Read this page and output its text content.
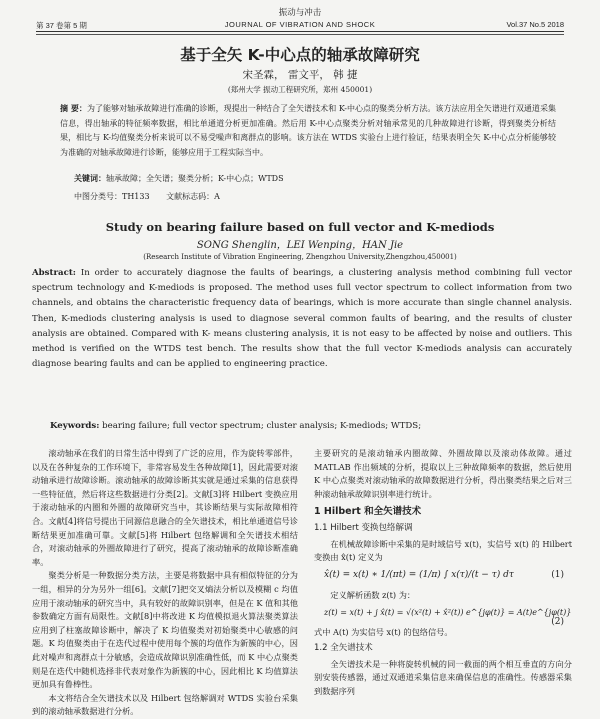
振动与冲击
第 37 卷第 5 期	JOURNAL OF VIBRATION AND SHOCK	Vol.37 No.5 2018
基于全矢 K-中心点的轴承故障研究
宋圣霖， 雷文平， 韩 捷
(郑州大学 振动工程研究所，郑州 450001)
摘 要：为了能够对轴承故障进行准确的诊断，现提出一种结合了全矢谱技术和 K-中心点的聚类分析方法。该方法应用全矢谱进行双通道采集信息，得出轴承的特征频率数据，相比单通道分析更加准确。然后用 K-中心点聚类分析对轴承常见的几种故障进行诊断，得到聚类分析结果，相比与 K-均值聚类分析来说可以不易受噪声和离群点的影响。该方法在 WTDS 实验台上进行验证，结果表明全矢 K-中心点分析能够较为准确的对轴承故障进行诊断，能够应用于工程实际当中。
关键词：轴承故障；全矢谱；聚类分析；K-中心点；WTDS
中图分类号：TH133 文献标志码：A
Study on bearing failure based on full vector and K-mediods
SONG Shenglin，LEI Wenping，HAN Jie
(Research Institute of Vibration Engineering, Zhengzhou University,Zhengzhou,450001)
Abstract: In order to accurately diagnose the faults of bearings, a clustering analysis method combining full vector spectrum technology and K-mediods is proposed. The method uses full vector spectrum to collect information from two channels, and obtains the characteristic frequency data of bearings, which is more accurate than single channel analysis. Then, K-mediods clustering analysis is used to diagnose several common faults of bearing, and the results of cluster analysis are obtained. Compared with K- means clustering analysis, it is not easy to be affected by noise and outliers. This method is verified on the WTDS test bench. The results show that the full vector K-mediods analysis can accurately diagnose bearing faults and can be applied to engineering practice.
Keywords: bearing failure; full vector spectrum; cluster analysis; K-mediods; WTDS;

滚动轴承在我们的日常生活中得到了广泛的应用，作为旋转零部件，以及在各种复杂的工作环境下，非常容易发生各种故障[1]，因此需要对滚动轴承进行故障诊断。滚动轴承的故障诊断其实就是通过采集的信息获得一些特征值，然后将这些数据进行分类[2]。文献[3]将 Hilbert 变换应用于滚动轴承的内圈和外圈的故障研究当中，其诊断结果与实际故障相符合。文献[4]将信号提出于同源信息融合的全矢谱技术，相比单通道信号诊断结果更加准确可靠。文献[5]将 Hilbert 包络解调和全矢谱技术相结合，对滚动轴承的外圈故障进行了研究，提高了滚动轴承的故障诊断准确率。

聚类分析是一种数据分类方法，主要是将数据中具有相似特征的分为一组，相异的分为另外一组[6]。文献[7]把交叉熵法分析以及模糊 c 均值应用于滚动轴承的研究当中，具有较好的故障识别率，但是在 K 值和其他参数确定方面有局限性。文献[8]中将改进 K 均值模拟退火算法聚类算法应用到了柱塞故障诊断中，解决了 K 均值聚类对初始聚类中心敏感的问题。K 均值聚类由于在迭代过程中使用每个簇的均值作为新簇的中心，因此对噪声和离群点十分敏感，会造成故障识别准确性低，而 K 中心点聚类则是在迭代中随机选择非代表对象作为新簇的中心，因此相比 K 均值算法更加具有鲁棒性。

本文将结合全矢谱技术以及 Hilbert 包络解调对 WTDS 实验台采集到的滚动轴承数据进行分析。

主要研究的是滚动轴承内圈故障、外圈故障以及滚动体故障。通过 MATLAB 作出频域的分析，提取以上三种故障频率的数据，然后使用 K 中心点聚类对滚动轴承的故障数据进行分析，得出聚类结果之后对三种滚动轴承故障识别率进行统计。

1 Hilbert 和全矢谱技术
1.1 Hilbert 变换包络解调

在机械故障诊断中采集的是时域信号 x(t)，实信号 x(t) 的 Hilbert 变换由 x̂(t) 定义为

x̂(t) = x(t) ∗ 1/(πt) = (1/π) ∫ x(τ)/(t − τ) dτ	(1)

定义解析函数 z(t) 为：

z(t) = x(t) + j x̂(t) = √(x²(t) + x̂²(t)) e^{jφ(t)} = A(t)e^{jφ(t)}
(2)

式中 A(t) 为实信号 x(t) 的包络信号。

1.2 全矢谱技术

全矢谱技术是一种将旋转机械的同一截面的两个相互垂直的方向分别安装传感器，通过双通道采集信息来确保信息的准确性。传感器采集到数据序列
